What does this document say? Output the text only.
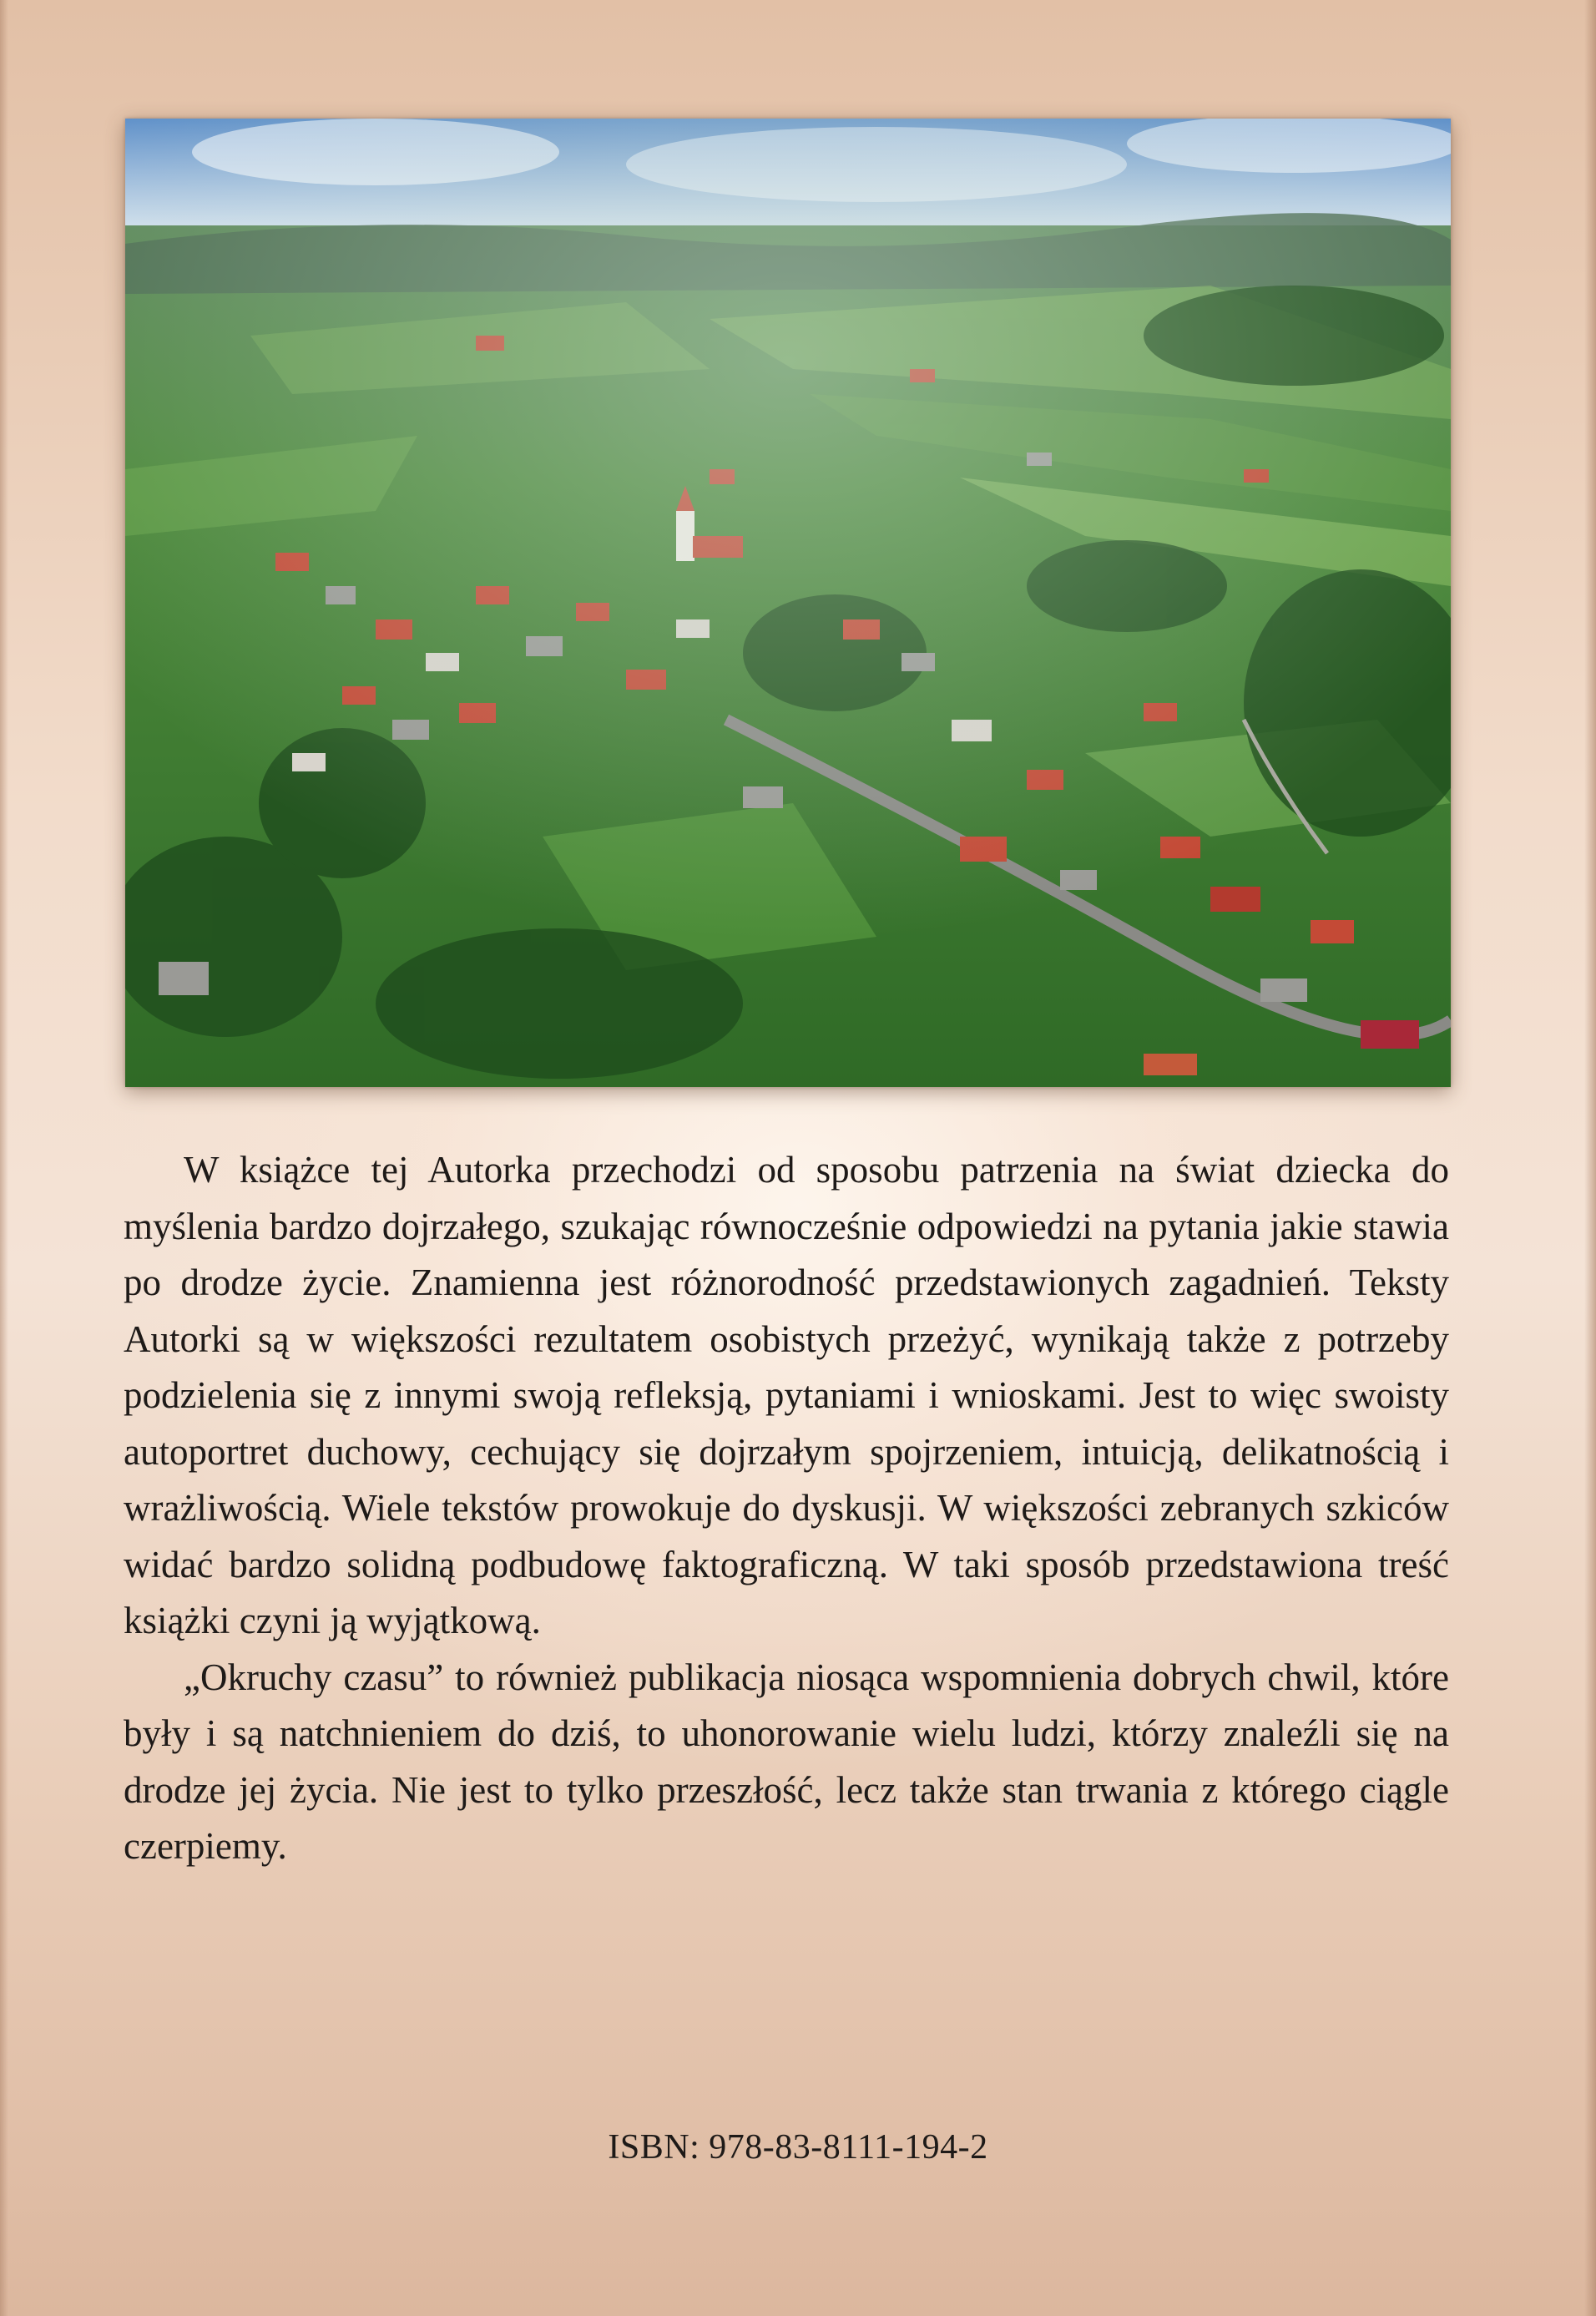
W książce tej Autorka przechodzi od sposobu patrzenia na świat dziecka do myślenia bardzo dojrzałego, szukając równocześnie odpowiedzi na pytania jakie stawia po drodze życie. Znamienna jest różnorodność przedstawionych zagadnień. Teksty Autorki są w większości rezultatem osobistych przeżyć, wynikają także z potrzeby podzielenia się z innymi swoją refleksją, pytaniami i wnioskami. Jest to więc swoisty autoportret duchowy, cechujący się dojrzałym spojrzeniem, intuicją, delikatnością i wrażliwością. Wiele tekstów prowokuje do dyskusji. W większości zebranych szkiców widać bardzo solidną podbudowę faktograficzną. W taki sposób przedstawiona treść książki czyni ją wyjątkową.

„Okruchy czasu” to również publikacja niosąca wspomnienia dobrych chwil, które były i są natchnieniem do dziś, to uhonorowanie wielu ludzi, którzy znaleźli się na drodze jej życia. Nie jest to tylko przeszłość, lecz także stan trwania z którego ciągle czerpiemy.

ISBN: 978-83-8111-194-2
